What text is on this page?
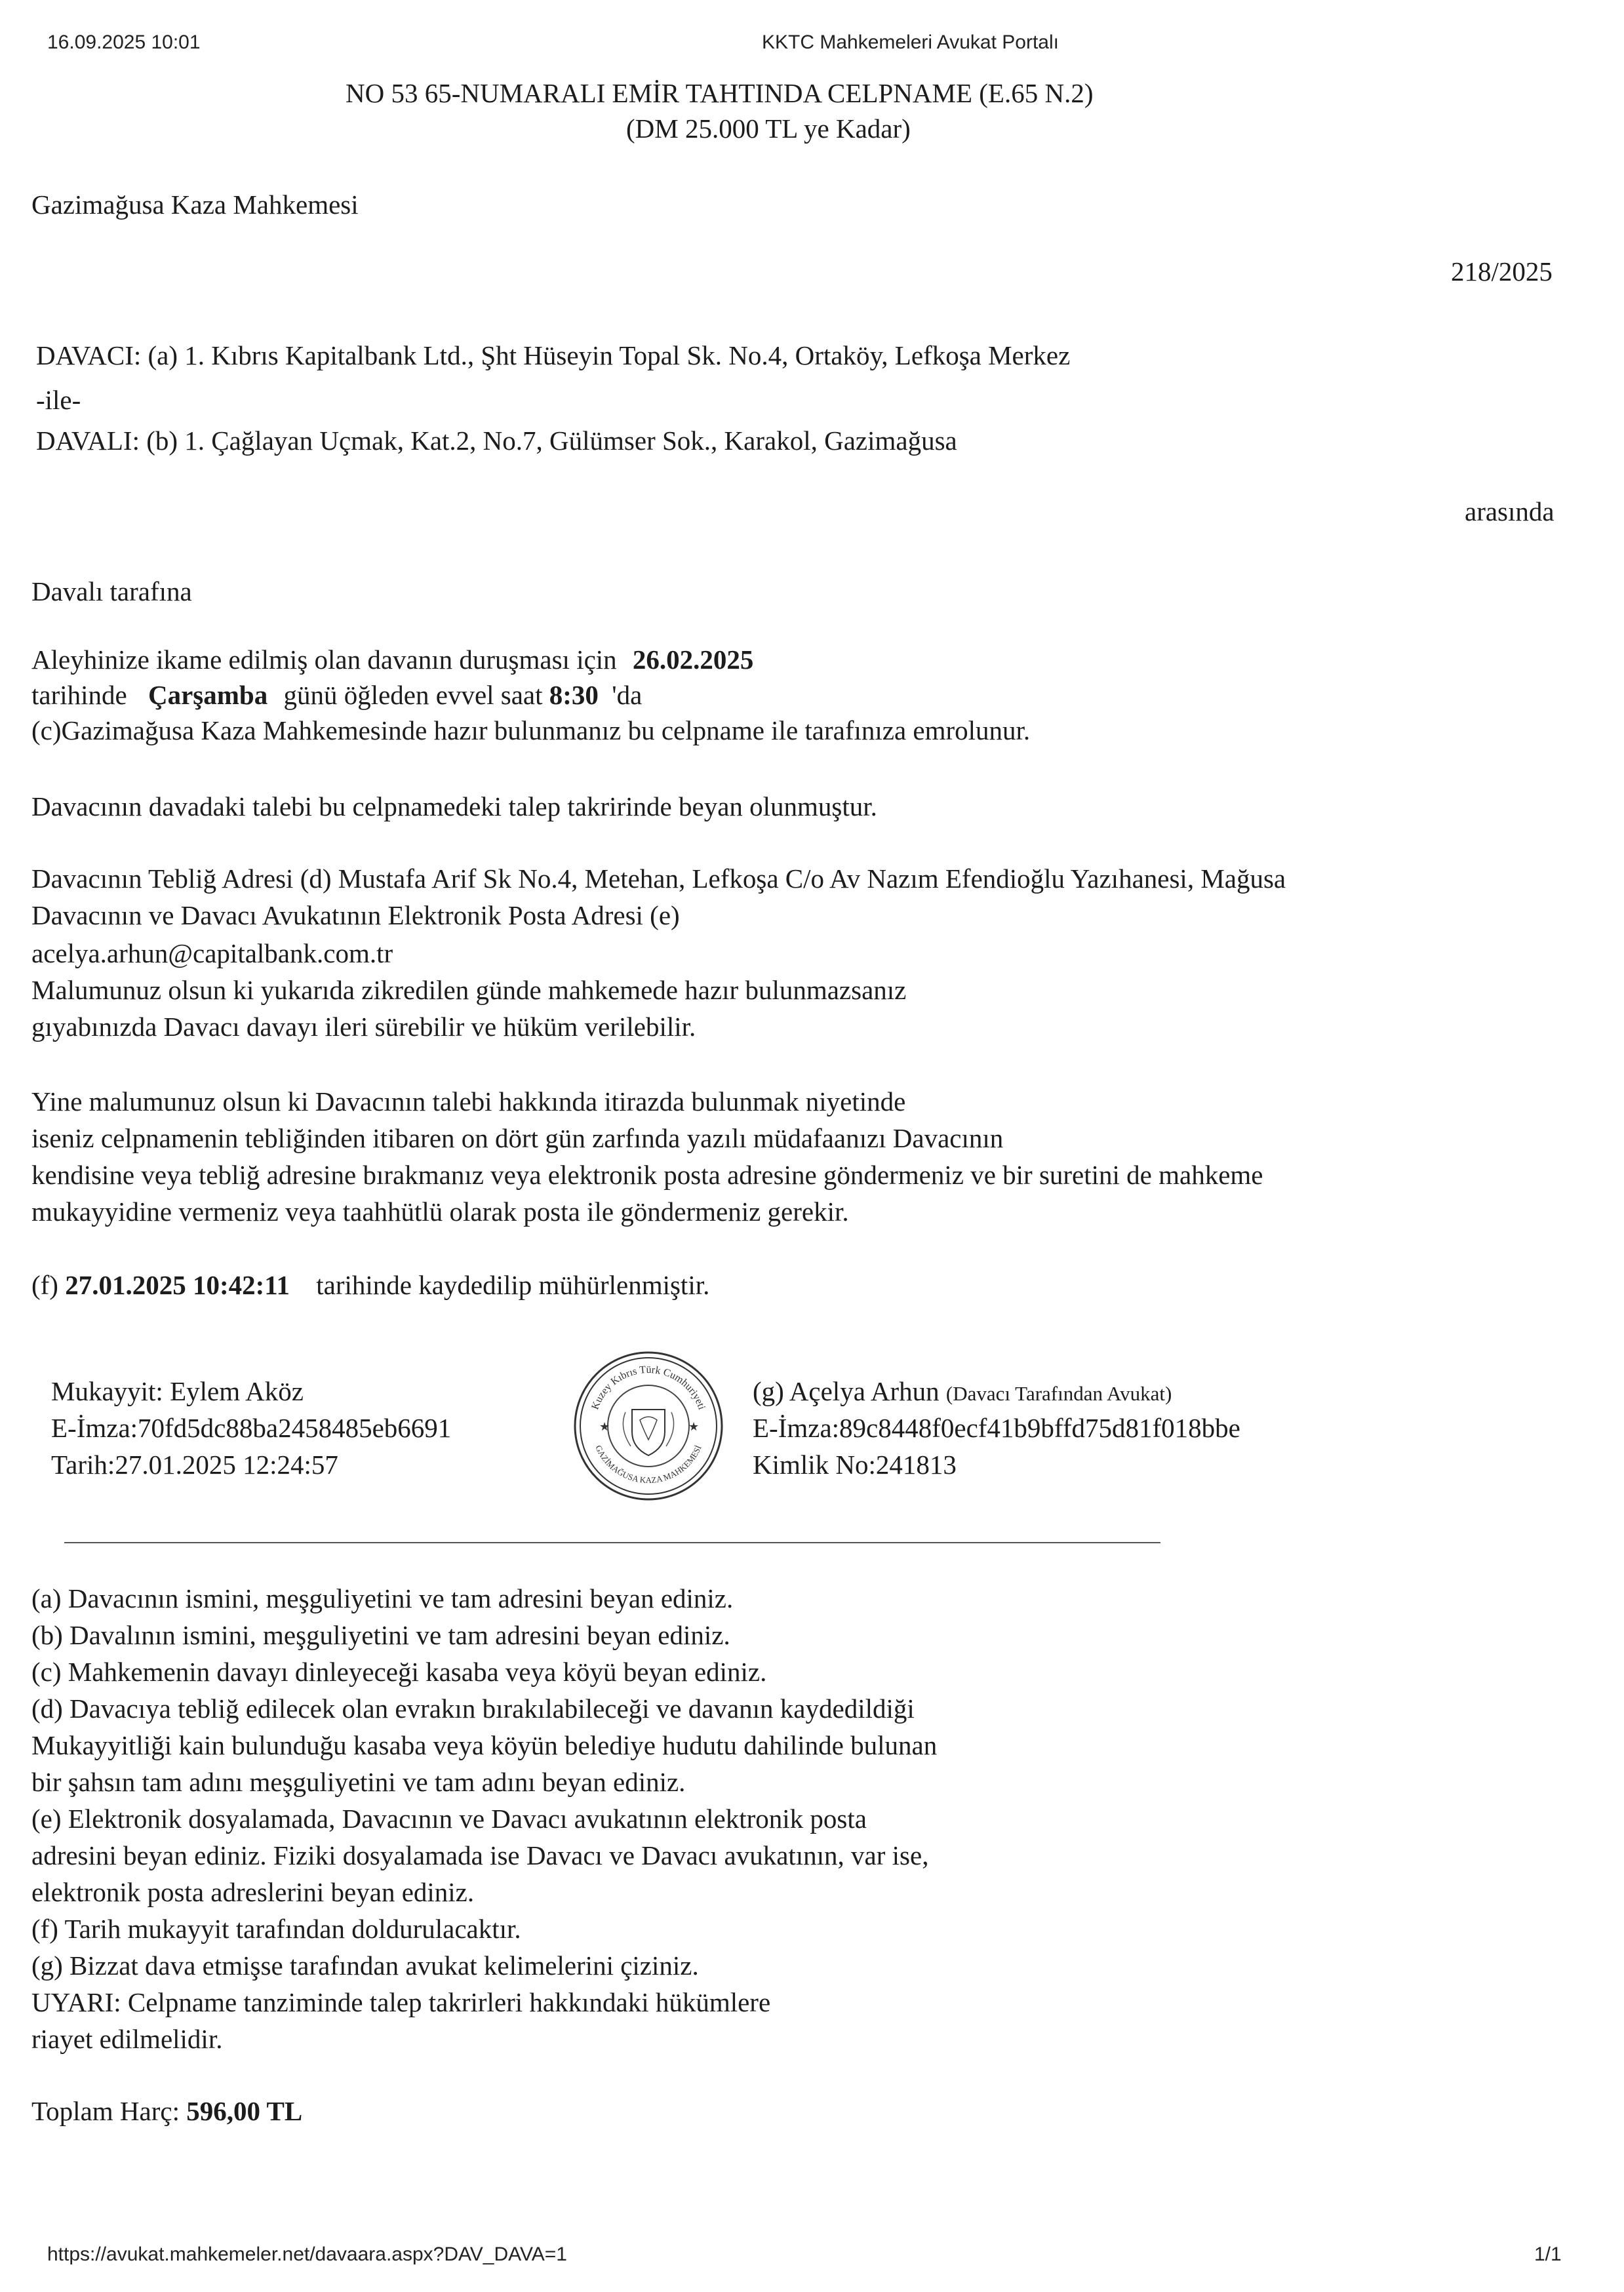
16.09.2025 10:01	KKTC Mahkemeleri Avukat Portalı
NO 53 65-NUMARALI EMİR TAHTINDA CELPNAME (E.65 N.2)
(DM 25.000 TL ye Kadar)
Gazimağusa Kaza Mahkemesi
218/2025
DAVACI: (a) 1. Kıbrıs Kapitalbank Ltd., Şht Hüseyin Topal Sk. No.4, Ortaköy, Lefkoşa Merkez
-ile-
DAVALI: (b) 1. Çağlayan Uçmak, Kat.2, No.7, Gülümser Sok., Karakol, Gazimağusa
arasında
Davalı tarafına
Aleyhinize ikame edilmiş olan davanın duruşması için 26.02.2025
tarihinde Çarşamba günü öğleden evvel saat 8:30 'da
(c)Gazimağusa Kaza Mahkemesinde hazır bulunmanız bu celpname ile tarafınıza emrolunur.
Davacının davadaki talebi bu celpnamedeki talep takririnde beyan olunmuştur.
Davacının Tebliğ Adresi (d) Mustafa Arif Sk No.4, Metehan, Lefkoşa C/o Av Nazım Efendioğlu Yazıhanesi, Mağusa
Davacının ve Davacı Avukatının Elektronik Posta Adresi (e)
acelya.arhun@capitalbank.com.tr
Malumunuz olsun ki yukarıda zikredilen günde mahkemede hazır bulunmazsanız
gıyabınızda Davacı davayı ileri sürebilir ve hüküm verilebilir.
Yine malumunuz olsun ki Davacının talebi hakkında itirazda bulunmak niyetinde
iseniz celpnamenin tebliğinden itibaren on dört gün zarfında yazılı müdafaanızı Davacının
kendisine veya tebliğ adresine bırakmanız veya elektronik posta adresine göndermeniz ve bir suretini de mahkeme
mukayyidine vermeniz veya taahhütlü olarak posta ile göndermeniz gerekir.
(f) 27.01.2025 10:42:11 tarihinde kaydedilip mühürlenmiştir.
Mukayyit: Eylem Aköz
E-İmza:70fd5dc88ba2458485eb6691
Tarih:27.01.2025 12:24:57
Kuzey Kıbrıs Türk Cumhuriyeti
GAZİMAĞUSA KAZA MAHKEMESİ
★	★
(g) Açelya Arhun (Davacı Tarafından Avukat)
E-İmza:89c8448f0ecf41b9bffd75d81f018bbe
Kimlik No:241813
(a) Davacının ismini, meşguliyetini ve tam adresini beyan ediniz.
(b) Davalının ismini, meşguliyetini ve tam adresini beyan ediniz.
(c) Mahkemenin davayı dinleyeceği kasaba veya köyü beyan ediniz.
(d) Davacıya tebliğ edilecek olan evrakın bırakılabileceği ve davanın kaydedildiği
Mukayyitliği kain bulunduğu kasaba veya köyün belediye hudutu dahilinde bulunan
bir şahsın tam adını meşguliyetini ve tam adını beyan ediniz.
(e) Elektronik dosyalamada, Davacının ve Davacı avukatının elektronik posta
adresini beyan ediniz. Fiziki dosyalamada ise Davacı ve Davacı avukatının, var ise,
elektronik posta adreslerini beyan ediniz.
(f) Tarih mukayyit tarafından doldurulacaktır.
(g) Bizzat dava etmişse tarafından avukat kelimelerini çiziniz.
UYARI: Celpname tanziminde talep takrirleri hakkındaki hükümlere
riayet edilmelidir.
Toplam Harç: 596,00 TL
https://avukat.mahkemeler.net/davaara.aspx?DAV_DAVA=1	1/1
